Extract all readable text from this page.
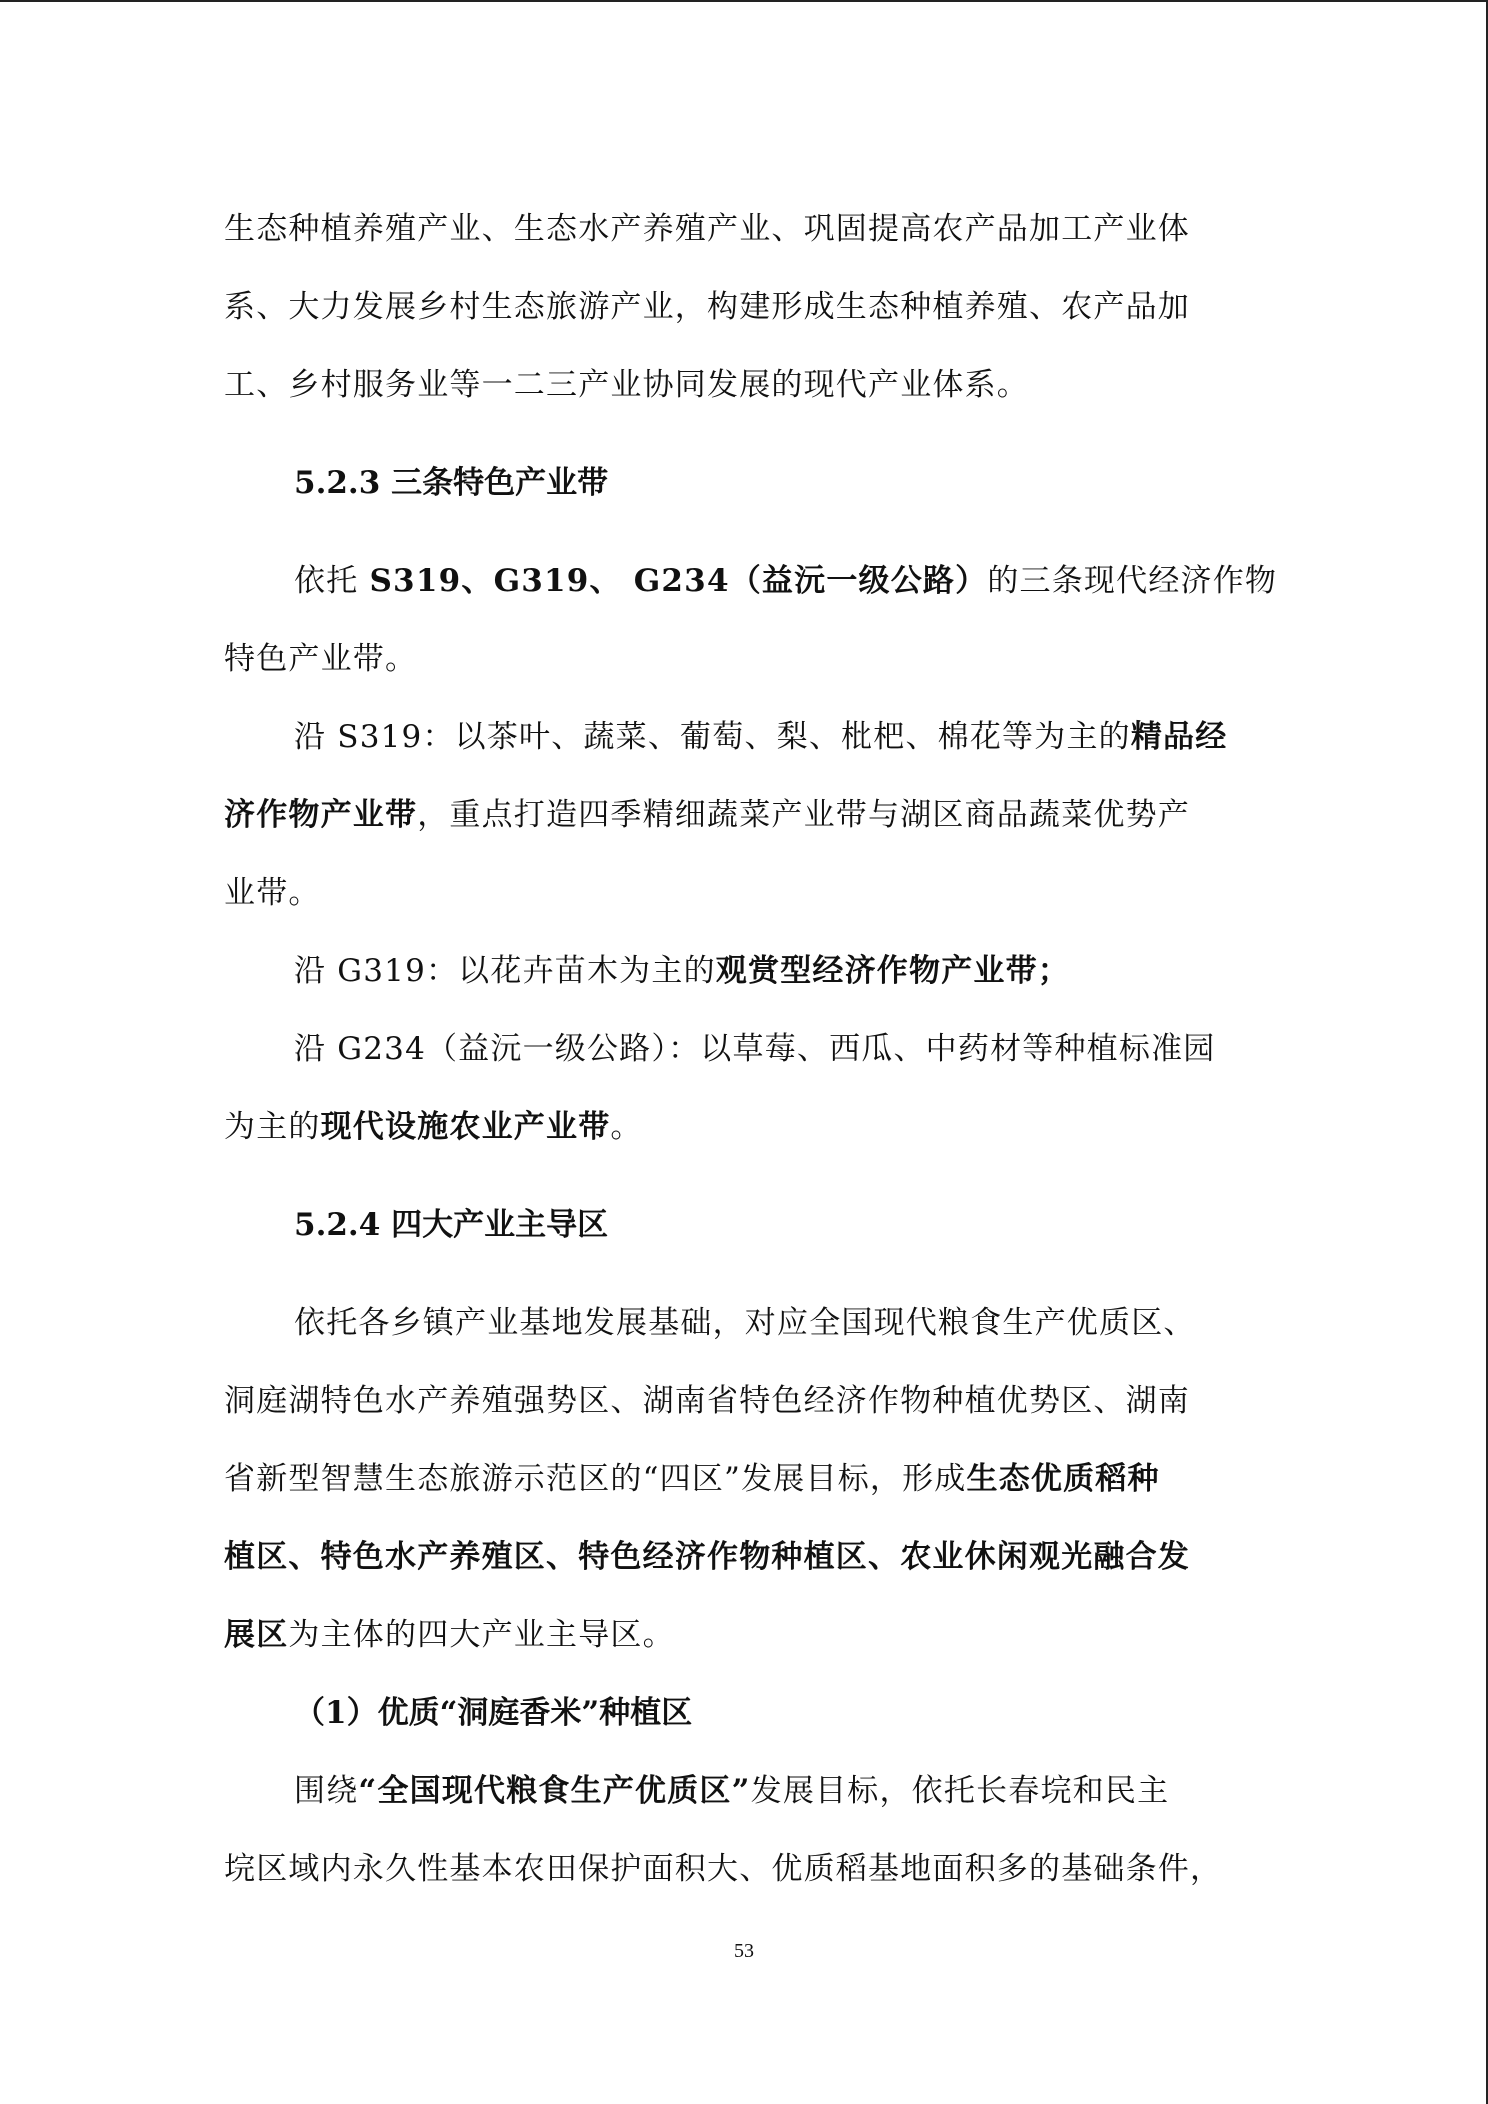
生态种植养殖产业、生态水产养殖产业、巩固提高农产品加工产业体
系、大力发展乡村生态旅游产业，构建形成生态种植养殖、农产品加
工、乡村服务业等一二三产业协同发展的现代产业体系。
5.2.3 三条特色产业带
依托 S319、G319、 G234（益沅一级公路）的三条现代经济作物
特色产业带。
沿 S319：以茶叶、蔬菜、葡萄、梨、枇杷、棉花等为主的精品经
济作物产业带，重点打造四季精细蔬菜产业带与湖区商品蔬菜优势产
业带。
沿 G319：以花卉苗木为主的观赏型经济作物产业带；
沿 G234（益沅一级公路）：以草莓、西瓜、中药材等种植标准园
为主的现代设施农业产业带。
5.2.4 四大产业主导区
依托各乡镇产业基地发展基础，对应全国现代粮食生产优质区、
洞庭湖特色水产养殖强势区、湖南省特色经济作物种植优势区、湖南
省新型智慧生态旅游示范区的“四区”发展目标，形成生态优质稻种
植区、特色水产养殖区、特色经济作物种植区、农业休闲观光融合发
展区为主体的四大产业主导区。
（1）优质“洞庭香米”种植区
围绕“全国现代粮食生产优质区”发展目标，依托长春垸和民主
垸区域内永久性基本农田保护面积大、优质稻基地面积多的基础条件，
53
